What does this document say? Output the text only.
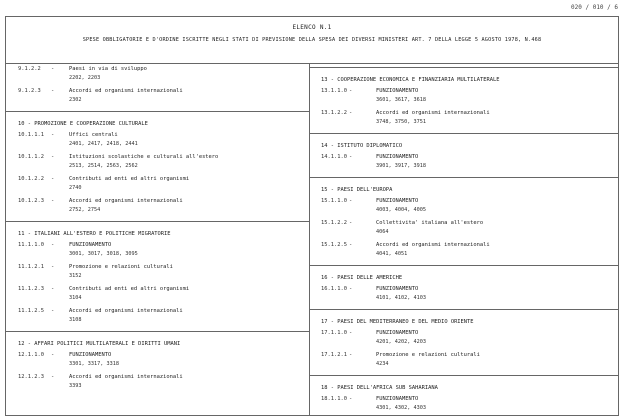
020 / 010 / 6
ELENCO N.1
SPESE OBBLIGATORIE E D'ORDINE ISCRITTE NEGLI STATI DI PREVISIONE DELLA SPESA DEI DIVERSI MINISTERI ART. 7 DELLA LEGGE 5 AGOSTO 1978, N.468
9.1.2.2 -	Paesi in via di sviluppo
2202, 2203
9.1.2.3 -	Accordi ed organismi internazionali
2302
10 - PROMOZIONE E COOPERAZIONE CULTURALE
10.1.1.1 -	Uffici centrali
2401, 2417, 2418, 2441
10.1.1.2 -	Istituzioni scolastiche e culturali all'estero
2513, 2514, 2563, 2562
10.1.2.2 -	Contributi ad enti ed altri organismi
2740
10.1.2.3 -	Accordi ed organismi internazionali
2752, 2754
11 - ITALIANI ALL'ESTERO E POLITICHE MIGRATORIE
11.1.1.0 -	FUNZIONAMENTO
3001, 3017, 3018, 3095
11.1.2.1 -	Promozione e relazioni culturali
3152
11.1.2.3 -	Contributi ad enti ed altri organismi
3104
11.1.2.5 -	Accordi ed organismi internazionali
3108
12 - AFFARI POLITICI MULTILATERALI E DIRITTI UMANI
12.1.1.0 -	FUNZIONAMENTO
3301, 3317, 3318
12.1.2.3 -	Accordi ed organismi internazionali
3393
13 - COOPERAZIONE ECONOMICA E FINANZIARIA MULTILATERALE
13.1.1.0 -	FUNZIONAMENTO
3601, 3617, 3618
13.1.2.2 -	Accordi ed organismi internazionali
3748, 3750, 3751
14 - ISTITUTO DIPLOMATICO
14.1.1.0 -	FUNZIONAMENTO
3901, 3917, 3918
15 - PAESI DELL'EUROPA
15.1.1.0 -	FUNZIONAMENTO
4003, 4004, 4005
15.1.2.2 -	Collettivita' italiana all'estero
4064
15.1.2.5 -	Accordi ed organismi internazionali
4041, 4051
16 - PAESI DELLE AMERICHE
16.1.1.0 -	FUNZIONAMENTO
4101, 4102, 4103
17 - PAESI DEL MEDITERRANEO E DEL MEDIO ORIENTE
17.1.1.0 -	FUNZIONAMENTO
4201, 4202, 4203
17.1.2.1 -	Promozione e relazioni culturali
4234
18 - PAESI DELL'AFRICA SUB SAHARIANA
18.1.1.0 -	FUNZIONAMENTO
4301, 4302, 4303
